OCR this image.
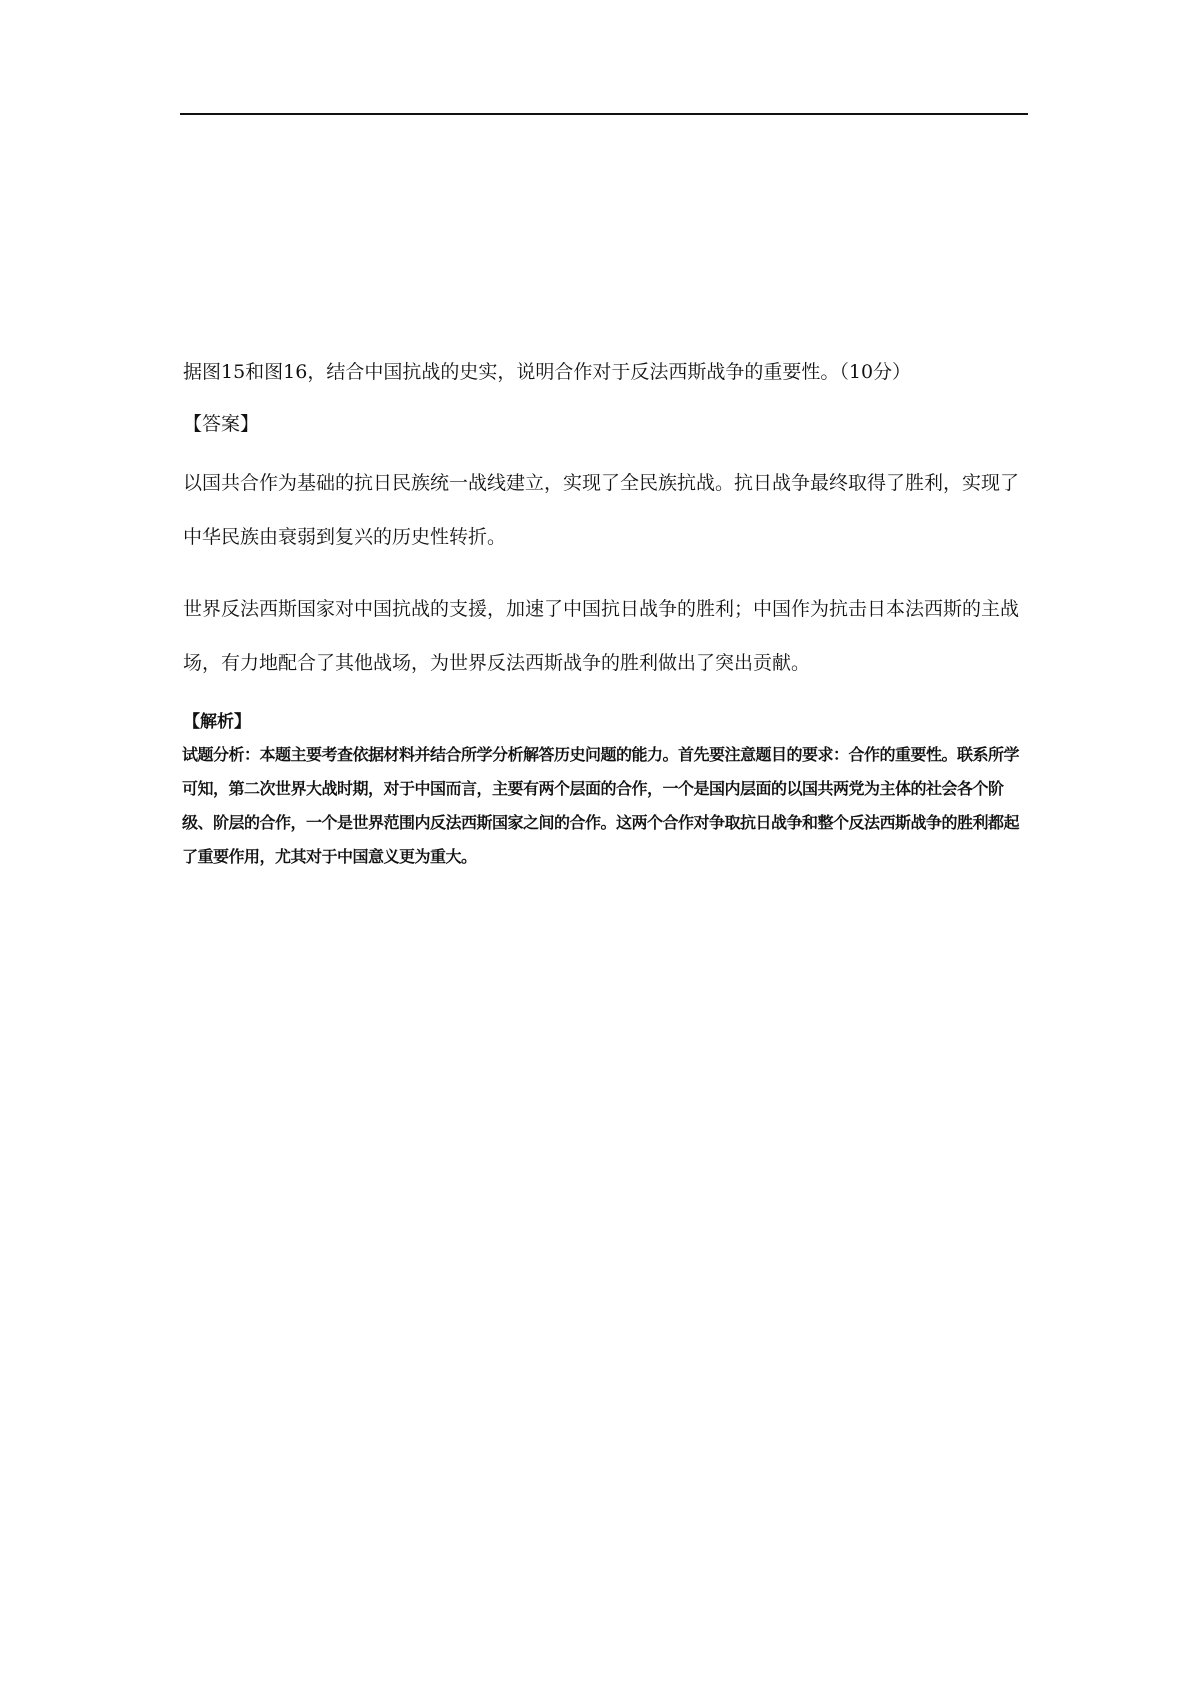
据图15和图16，结合中国抗战的史实，说明合作对于反法西斯战争的重要性。（10分）

【答案】

以国共合作为基础的抗日民族统一战线建立，实现了全民族抗战。抗日战争最终取得了胜利，实现了中华民族由衰弱到复兴的历史性转折。

世界反法西斯国家对中国抗战的支援，加速了中国抗日战争的胜利；中国作为抗击日本法西斯的主战场，有力地配合了其他战场，为世界反法西斯战争的胜利做出了突出贡献。

【解析】

试题分析：本题主要考查依据材料并结合所学分析解答历史问题的能力。首先要注意题目的要求：合作的重要性。联系所学可知，第二次世界大战时期，对于中国而言，主要有两个层面的合作，一个是国内层面的以国共两党为主体的社会各个阶级、阶层的合作，一个是世界范围内反法西斯国家之间的合作。这两个合作对争取抗日战争和整个反法西斯战争的胜利都起了重要作用，尤其对于中国意义更为重大。
